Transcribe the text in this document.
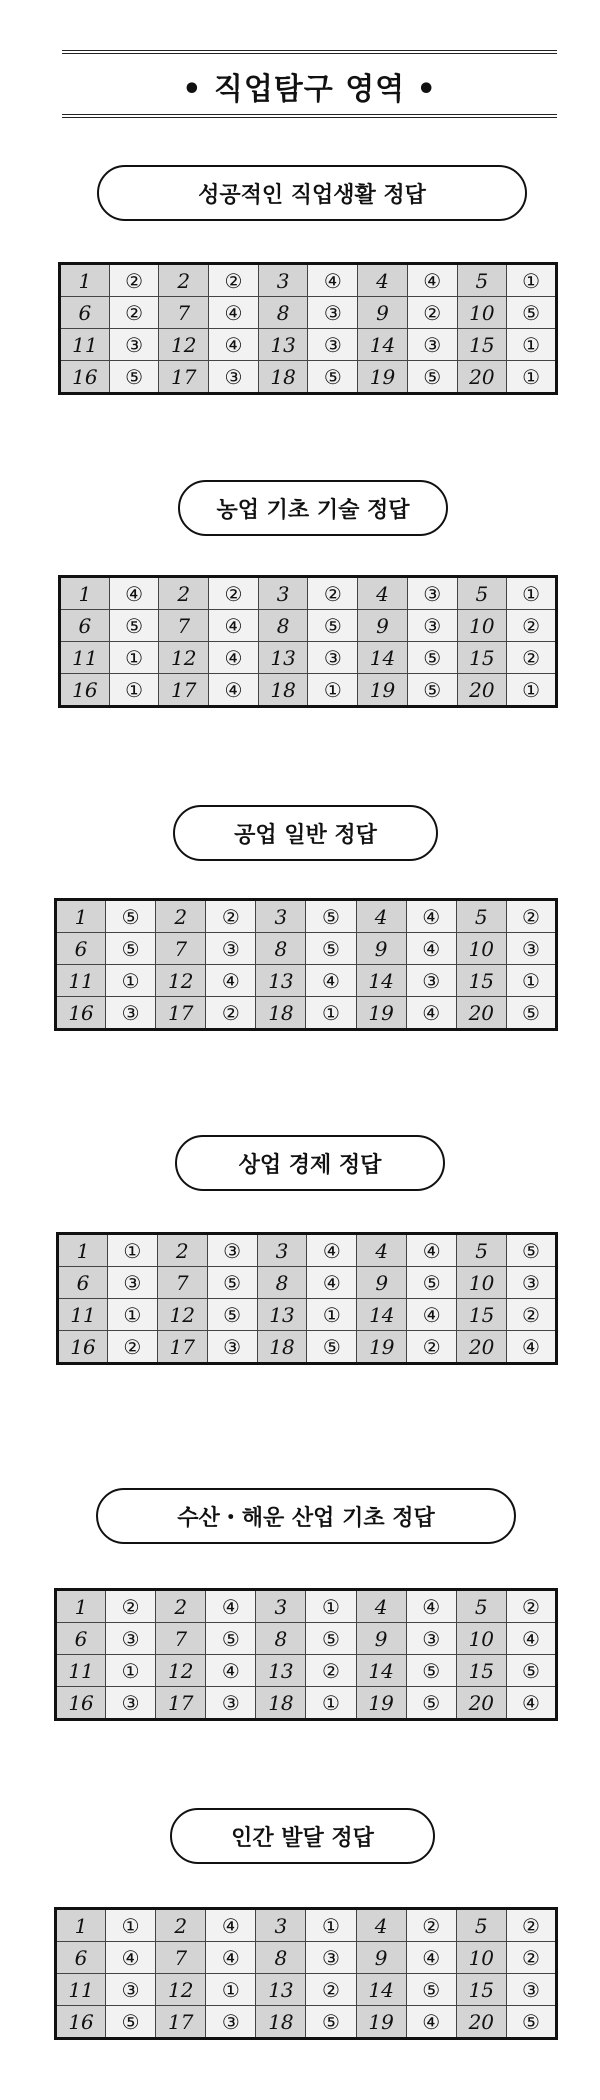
• 직업탐구 영역 •
성공적인 직업생활 정답
1	②	2	②	3	④	4	④	5	①
6	②	7	④	8	③	9	②	10	⑤
11	③	12	④	13	③	14	③	15	①
16	⑤	17	③	18	⑤	19	⑤	20	①
농업 기초 기술 정답
1	④	2	②	3	②	4	③	5	①
6	⑤	7	④	8	⑤	9	③	10	②
11	①	12	④	13	③	14	⑤	15	②
16	①	17	④	18	①	19	⑤	20	①
공업 일반 정답
1	⑤	2	②	3	⑤	4	④	5	②
6	⑤	7	③	8	⑤	9	④	10	③
11	①	12	④	13	④	14	③	15	①
16	③	17	②	18	①	19	④	20	⑤
상업 경제 정답
1	①	2	③	3	④	4	④	5	⑤
6	③	7	⑤	8	④	9	⑤	10	③
11	①	12	⑤	13	①	14	④	15	②
16	②	17	③	18	⑤	19	②	20	④
수산・해운 산업 기초 정답
1	②	2	④	3	①	4	④	5	②
6	③	7	⑤	8	⑤	9	③	10	④
11	①	12	④	13	②	14	⑤	15	⑤
16	③	17	③	18	①	19	⑤	20	④
인간 발달 정답
1	①	2	④	3	①	4	②	5	②
6	④	7	④	8	③	9	④	10	②
11	③	12	①	13	②	14	⑤	15	③
16	⑤	17	③	18	⑤	19	④	20	⑤
